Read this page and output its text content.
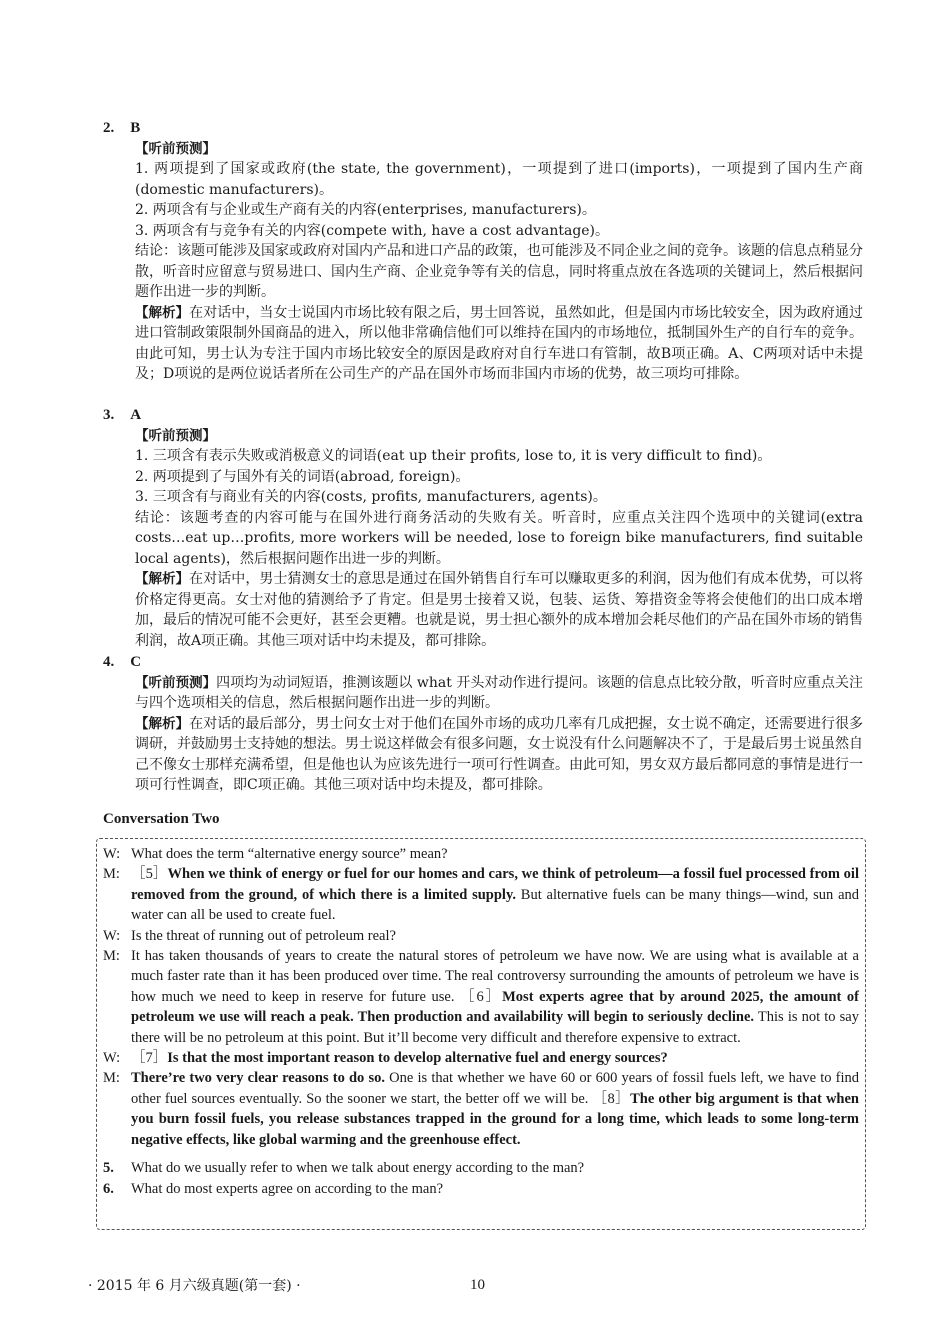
2. B

【听前预测】

1. 两项提到了国家或政府(the state, the government)，一项提到了进口(imports)，一项提到了国内生产商(domestic manufacturers)。

2. 两项含有与企业或生产商有关的内容(enterprises, manufacturers)。

3. 两项含有与竞争有关的内容(compete with, have a cost advantage)。

结论：该题可能涉及国家或政府对国内产品和进口产品的政策，也可能涉及不同企业之间的竞争。该题的信息点稍显分散，听音时应留意与贸易进口、国内生产商、企业竞争等有关的信息，同时将重点放在各选项的关键词上，然后根据问题作出进一步的判断。

【解析】在对话中，当女士说国内市场比较有限之后，男士回答说，虽然如此，但是国内市场比较安全，因为政府通过进口管制政策限制外国商品的进入，所以他非常确信他们可以维持在国内的市场地位，抵制国外生产的自行车的竞争。由此可知，男士认为专注于国内市场比较安全的原因是政府对自行车进口有管制，故B项正确。A、C两项对话中未提及；D项说的是两位说话者所在公司生产的产品在国外市场而非国内市场的优势，故三项均可排除。

3. A

【听前预测】

1. 三项含有表示失败或消极意义的词语(eat up their profits, lose to, it is very difficult to find)。

2. 两项提到了与国外有关的词语(abroad, foreign)。

3. 三项含有与商业有关的内容(costs, profits, manufacturers, agents)。

结论：该题考查的内容可能与在国外进行商务活动的失败有关。听音时，应重点关注四个选项中的关键词(extra costs…eat up…profits, more workers will be needed, lose to foreign bike manufacturers, find suitable local agents)，然后根据问题作出进一步的判断。

【解析】在对话中，男士猜测女士的意思是通过在国外销售自行车可以赚取更多的利润，因为他们有成本优势，可以将价格定得更高。女士对他的猜测给予了肯定。但是男士接着又说，包装、运货、筹措资金等将会使他们的出口成本增加，最后的情况可能不会更好，甚至会更糟。也就是说，男士担心额外的成本增加会耗尽他们的产品在国外市场的销售利润，故A项正确。其他三项对话中均未提及，都可排除。

4. C

【听前预测】四项均为动词短语，推测该题以 what 开头对动作进行提问。该题的信息点比较分散，听音时应重点关注与四个选项相关的信息，然后根据问题作出进一步的判断。

【解析】在对话的最后部分，男士问女士对于他们在国外市场的成功几率有几成把握，女士说不确定，还需要进行很多调研，并鼓励男士支持她的想法。男士说这样做会有很多问题，女士说没有什么问题解决不了，于是最后男士说虽然自己不像女士那样充满希望，但是他也认为应该先进行一项可行性调查。由此可知，男女双方最后都同意的事情是进行一项可行性调查，即C项正确。其他三项对话中均未提及，都可排除。

Conversation Two
W: What does the term “alternative energy source” mean?
M: ［5］When we think of energy or fuel for our homes and cars, we think of petroleum—a fossil fuel processed from oil removed from the ground, of which there is a limited supply. But alternative fuels can be many things—wind, sun and water can all be used to create fuel.
W: Is the threat of running out of petroleum real?
M: It has taken thousands of years to create the natural stores of petroleum we have now. We are using what is available at a much faster rate than it has been produced over time. The real controversy surrounding the amounts of petroleum we have is how much we need to keep in reserve for future use. ［6］Most experts agree that by around 2025, the amount of petroleum we use will reach a peak. Then production and availability will begin to seriously decline. This is not to say there will be no petroleum at this point. But it’ll become very difficult and therefore expensive to extract.
W: ［7］Is that the most important reason to develop alternative fuel and energy sources?
M: There’re two very clear reasons to do so. One is that whether we have 60 or 600 years of fossil fuels left, we have to find other fuel sources eventually. So the sooner we start, the better off we will be. ［8］The other big argument is that when you burn fossil fuels, you release substances trapped in the ground for a long time, which leads to some long-term negative effects, like global warming and the greenhouse effect.
5.	What do we usually refer to when we talk about energy according to the man?
6.	What do most experts agree on according to the man?
· 2015 年 6 月六级真题(第一套) ·	10
